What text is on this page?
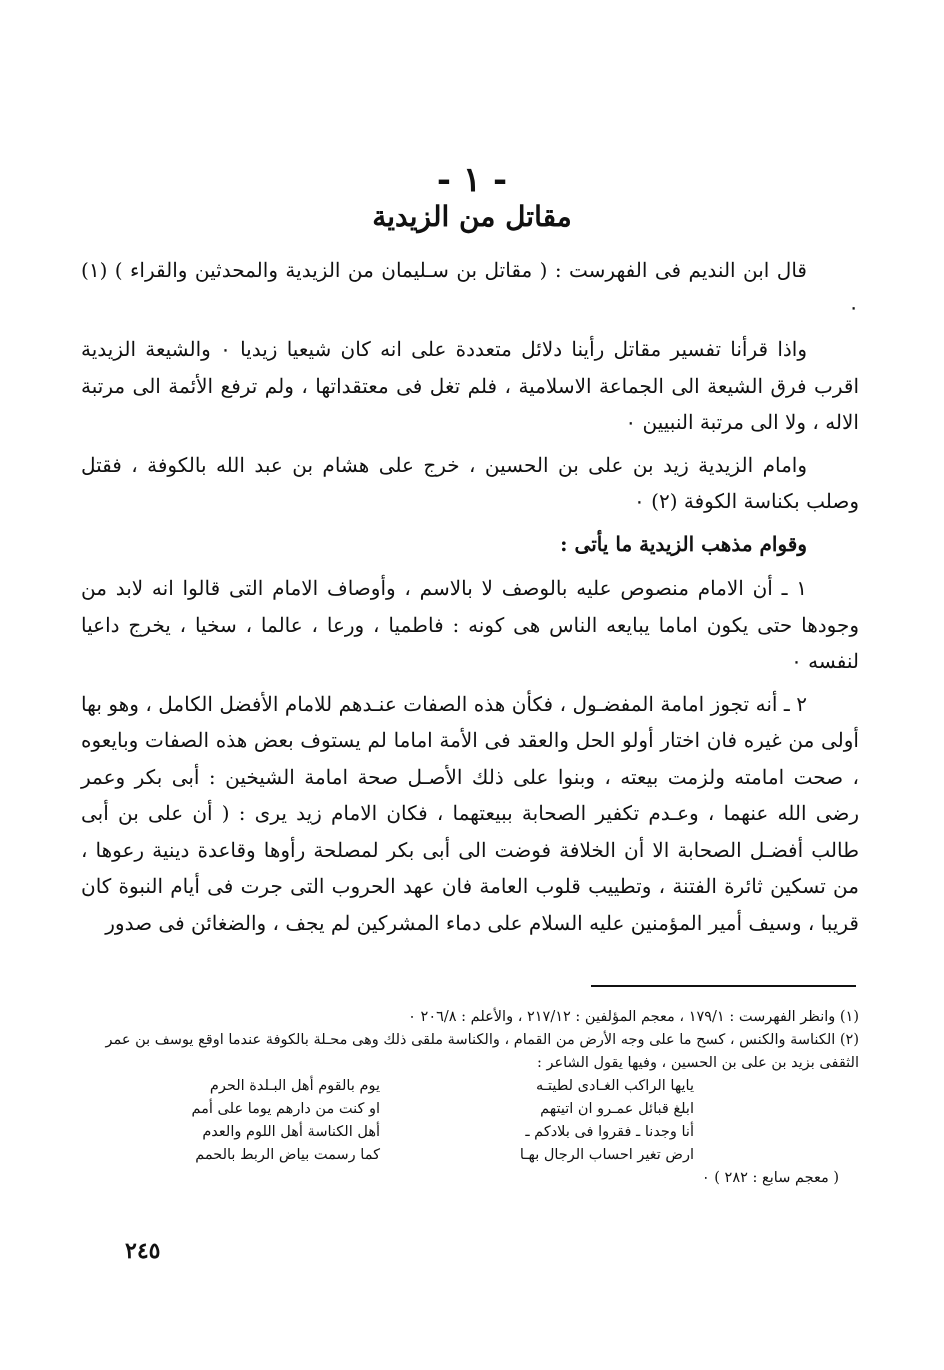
- ١ -
مقاتل من الزيدية

قال ابن النديم فى الفهرست : ( مقاتل بن سـليمان من الزيدية والمحدثين والقراء ) (١) ٠

واذا قرأنا تفسير مقاتل رأينا دلائل متعددة على انه كان شيعيا زيديا ٠ والشيعة الزيدية اقرب فرق الشيعة الى الجماعة الاسلامية ، فلم تغل فى معتقداتها ، ولم ترفع الأئمة الى مرتبة الاله ، ولا الى مرتبة النبيين ٠

وامام الزيدية زيد بن على بن الحسين ، خرج على هشام بن عبد الله بالكوفة ، فقتل وصلب بكناسة الكوفة (٢) ٠

وقوام مذهب الزيدية ما يأتى :

١ ـ أن الامام منصوص عليه بالوصف لا بالاسم ، وأوصاف الامام التى قالوا انه لابد من وجودها حتى يكون اماما يبايعه الناس هى كونه : فاطميا ، ورعا ، عالما ، سخيا ، يخرج داعيا لنفسه ٠

٢ ـ أنه تجوز امامة المفضـول ، فكأن هذه الصفات عنـدهم للامام الأفضل الكامل ، وهو بها أولى من غيره فان اختار أولو الحل والعقد فى الأمة اماما لم يستوف بعض هذه الصفات وبايعوه ، صحت امامته ولزمت بيعته ، وبنوا على ذلك الأصـل صحة امامة الشيخين : أبى بكر وعمر رضى الله عنهما ، وعـدم تكفير الصحابة ببيعتهما ، فكان الامام زيد يرى : ( أن على بن أبى طالب أفضـل الصحابة الا أن الخلافة فوضت الى أبى بكر لمصلحة رأوها وقاعدة دينية رعوها ، من تسكين ثائرة الفتنة ، وتطييب قلوب العامة فان عهد الحروب التى جرت فى أيام النبوة كان قريبا ، وسيف أمير المؤمنين عليه السلام على دماء المشركين لم يجف ، والضغائن فى صدور

(١) وانظر الفهرست : ١٧٩/١ ، معجم المؤلفين : ٢١٧/١٢ ، والأعلم : ٢٠٦/٨ ٠

(٢) الكناسة والكنس ، كسح ما على وجه الأرض من القمام ، والكناسة ملقى ذلك وهى محـلة بالكوفة عندما اوقع يوسف بن عمر الثقفى بزيد بن على بن الحسين ، وفيها يقول الشاعر :

يايها الراكب الغـادى لطيتـه
يوم بالقوم أهل البـلدة الحرم
ابلغ قبائل عمـرو ان اتيتهم
او كنت من دارهم يوما على أمم
أنا وجدنا ـ فقروا فى بلادكم ـ
أهل الكناسة أهل اللوم والعدم
ارض تغير احساب الرجال بهـا
كما رسمت بياض الربط بالحمم

( معجم سابع : ٢٨٢ ) ٠

٢٤٥
